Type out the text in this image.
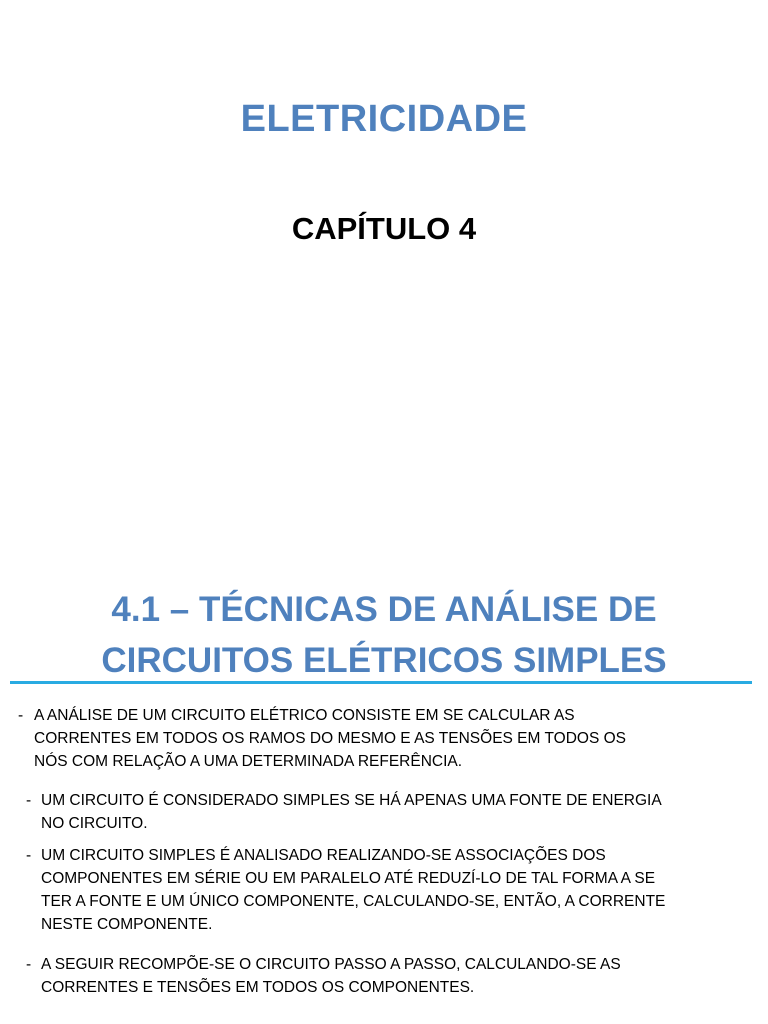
ELETRICIDADE
CAPÍTULO 4
4.1 – TÉCNICAS DE ANÁLISE DE
CIRCUITOS ELÉTRICOS SIMPLES
- A ANÁLISE DE UM CIRCUITO ELÉTRICO CONSISTE EM SE CALCULAR AS
CORRENTES EM TODOS OS RAMOS DO MESMO E AS TENSÕES EM TODOS OS
NÓS COM RELAÇÃO A UMA DETERMINADA REFERÊNCIA.
- UM CIRCUITO É CONSIDERADO SIMPLES SE HÁ APENAS UMA FONTE DE ENERGIA
NO CIRCUITO.
- UM CIRCUITO SIMPLES É ANALISADO REALIZANDO-SE ASSOCIAÇÕES DOS
COMPONENTES EM SÉRIE OU EM PARALELO ATÉ REDUZÍ-LO DE TAL FORMA A SE
TER A FONTE E UM ÚNICO COMPONENTE, CALCULANDO-SE, ENTÃO, A CORRENTE
NESTE COMPONENTE.
- A SEGUIR RECOMPÕE-SE O CIRCUITO PASSO A PASSO, CALCULANDO-SE AS
CORRENTES E TENSÕES EM TODOS OS COMPONENTES.
